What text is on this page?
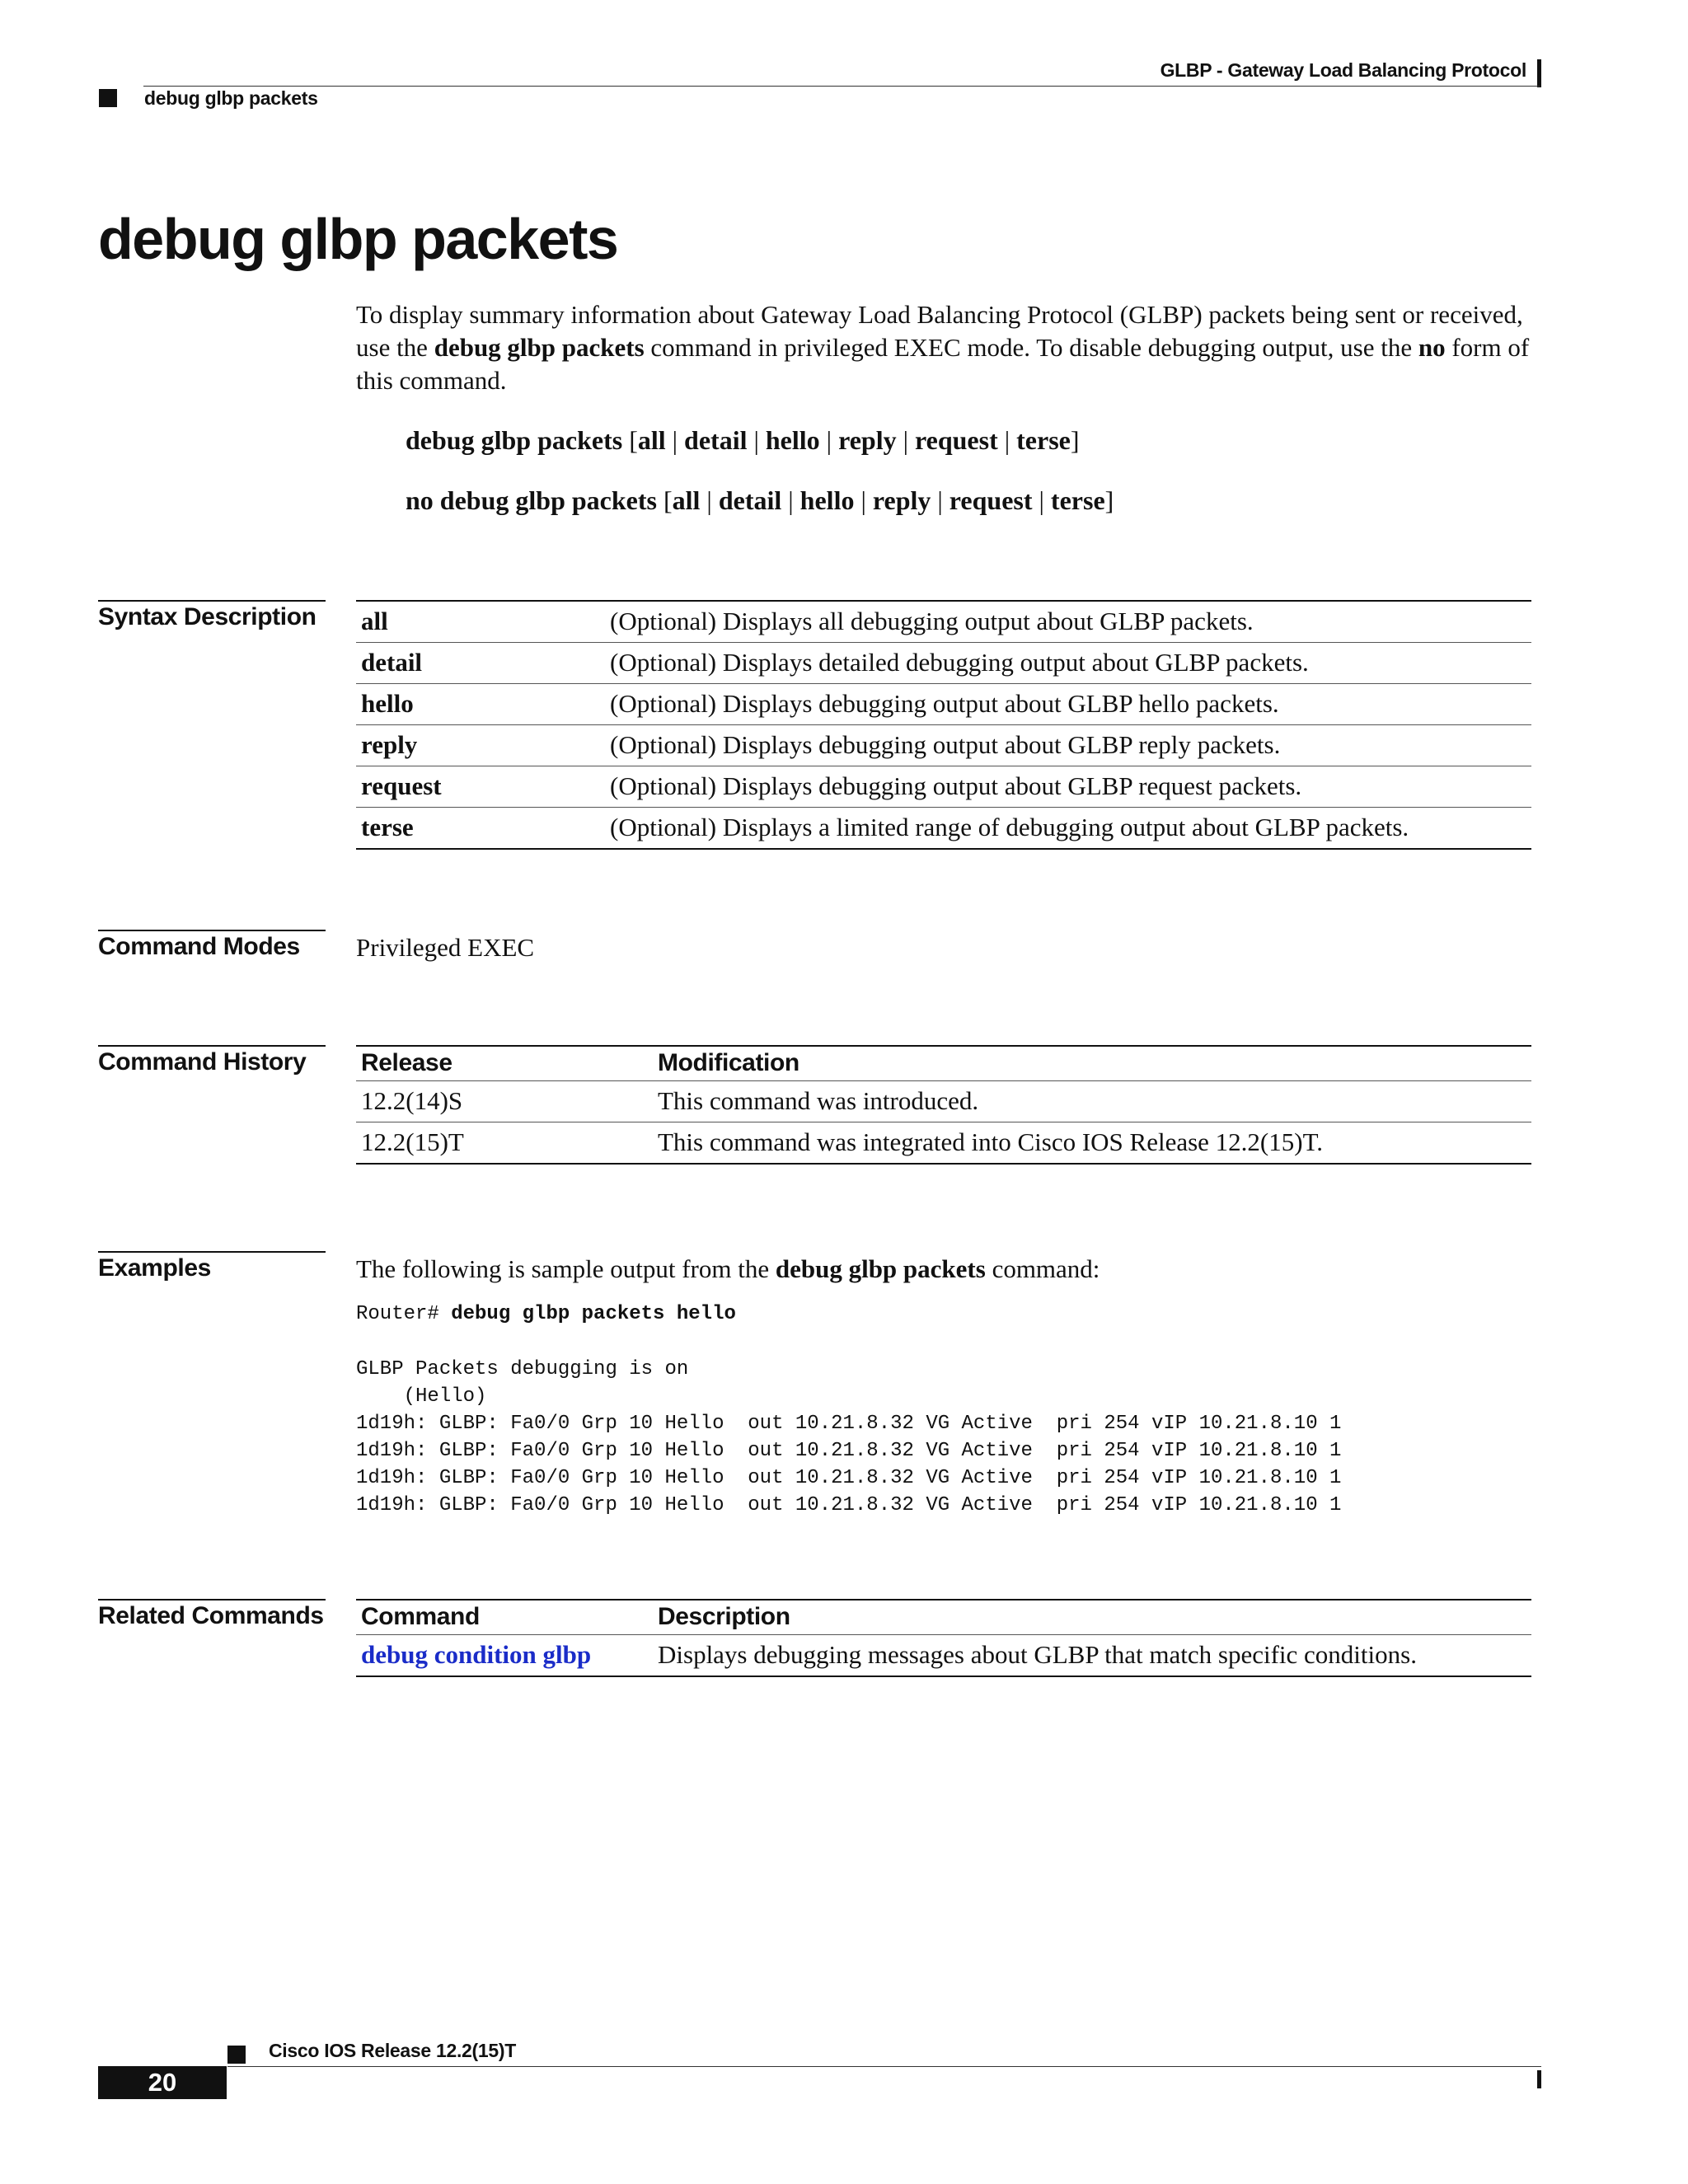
GLBP - Gateway Load Balancing Protocol
debug glbp packets
debug glbp packets

To display summary information about Gateway Load Balancing Protocol (GLBP) packets being sent or received, use the debug glbp packets command in privileged EXEC mode. To disable debugging output, use the no form of this command.

debug glbp packets [all | detail | hello | reply | request | terse]
no debug glbp packets [all | detail | hello | reply | request | terse]
Syntax Description	all	(Optional) Displays all debugging output about GLBP packets.
detail	(Optional) Displays detailed debugging output about GLBP packets.
hello	(Optional) Displays debugging output about GLBP hello packets.
reply	(Optional) Displays debugging output about GLBP reply packets.
request	(Optional) Displays debugging output about GLBP request packets.
terse	(Optional) Displays a limited range of debugging output about GLBP packets.
Command Modes	Privileged EXEC
Command History	Release	Modification
12.2(14)S	This command was introduced.
12.2(15)T	This command was integrated into Cisco IOS Release 12.2(15)T.
Examples	The following is sample output from the debug glbp packets command:
Router# debug glbp packets hello
GLBP Packets debugging is on
(Hello)
1d19h: GLBP: Fa0/0 Grp 10 Hello  out 10.21.8.32 VG Active  pri 254 vIP 10.21.8.10 1
1d19h: GLBP: Fa0/0 Grp 10 Hello  out 10.21.8.32 VG Active  pri 254 vIP 10.21.8.10 1
1d19h: GLBP: Fa0/0 Grp 10 Hello  out 10.21.8.32 VG Active  pri 254 vIP 10.21.8.10 1
1d19h: GLBP: Fa0/0 Grp 10 Hello  out 10.21.8.32 VG Active  pri 254 vIP 10.21.8.10 1
Related Commands Command	Description
debug condition glbp	Displays debugging messages about GLBP that match specific conditions.
Cisco IOS Release 12.2(15)T
20
